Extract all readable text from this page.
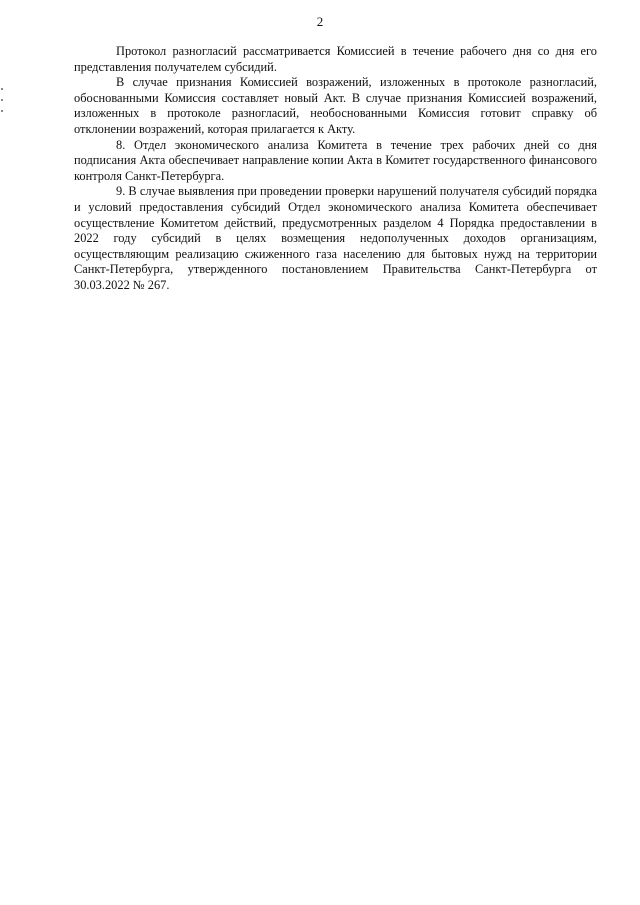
2

Протокол разногласий рассматривается Комиссией в течение рабочего дня со дня его представления получателем субсидий.

В случае признания Комиссией возражений, изложенных в протоколе разногласий, обоснованными Комиссия составляет новый Акт. В случае признания Комиссией возражений, изложенных в протоколе разногласий, необоснованными Комиссия готовит справку об отклонении возражений, которая прилагается к Акту.

8. Отдел экономического анализа Комитета в течение трех рабочих дней со дня подписания Акта обеспечивает направление копии Акта в Комитет государственного финансового контроля Санкт-Петербурга.

9. В случае выявления при проведении проверки нарушений получателя субсидий порядка и условий предоставления субсидий Отдел экономического анализа Комитета обеспечивает осуществление Комитетом действий, предусмотренных разделом 4 Порядка предоставлении в 2022 году субсидий в целях возмещения недополученных доходов организациям, осуществляющим реализацию сжиженного газа населению для бытовых нужд на территории Санкт-Петербурга, утвержденного постановлением Правительства Санкт-Петербурга от 30.03.2022 № 267.
